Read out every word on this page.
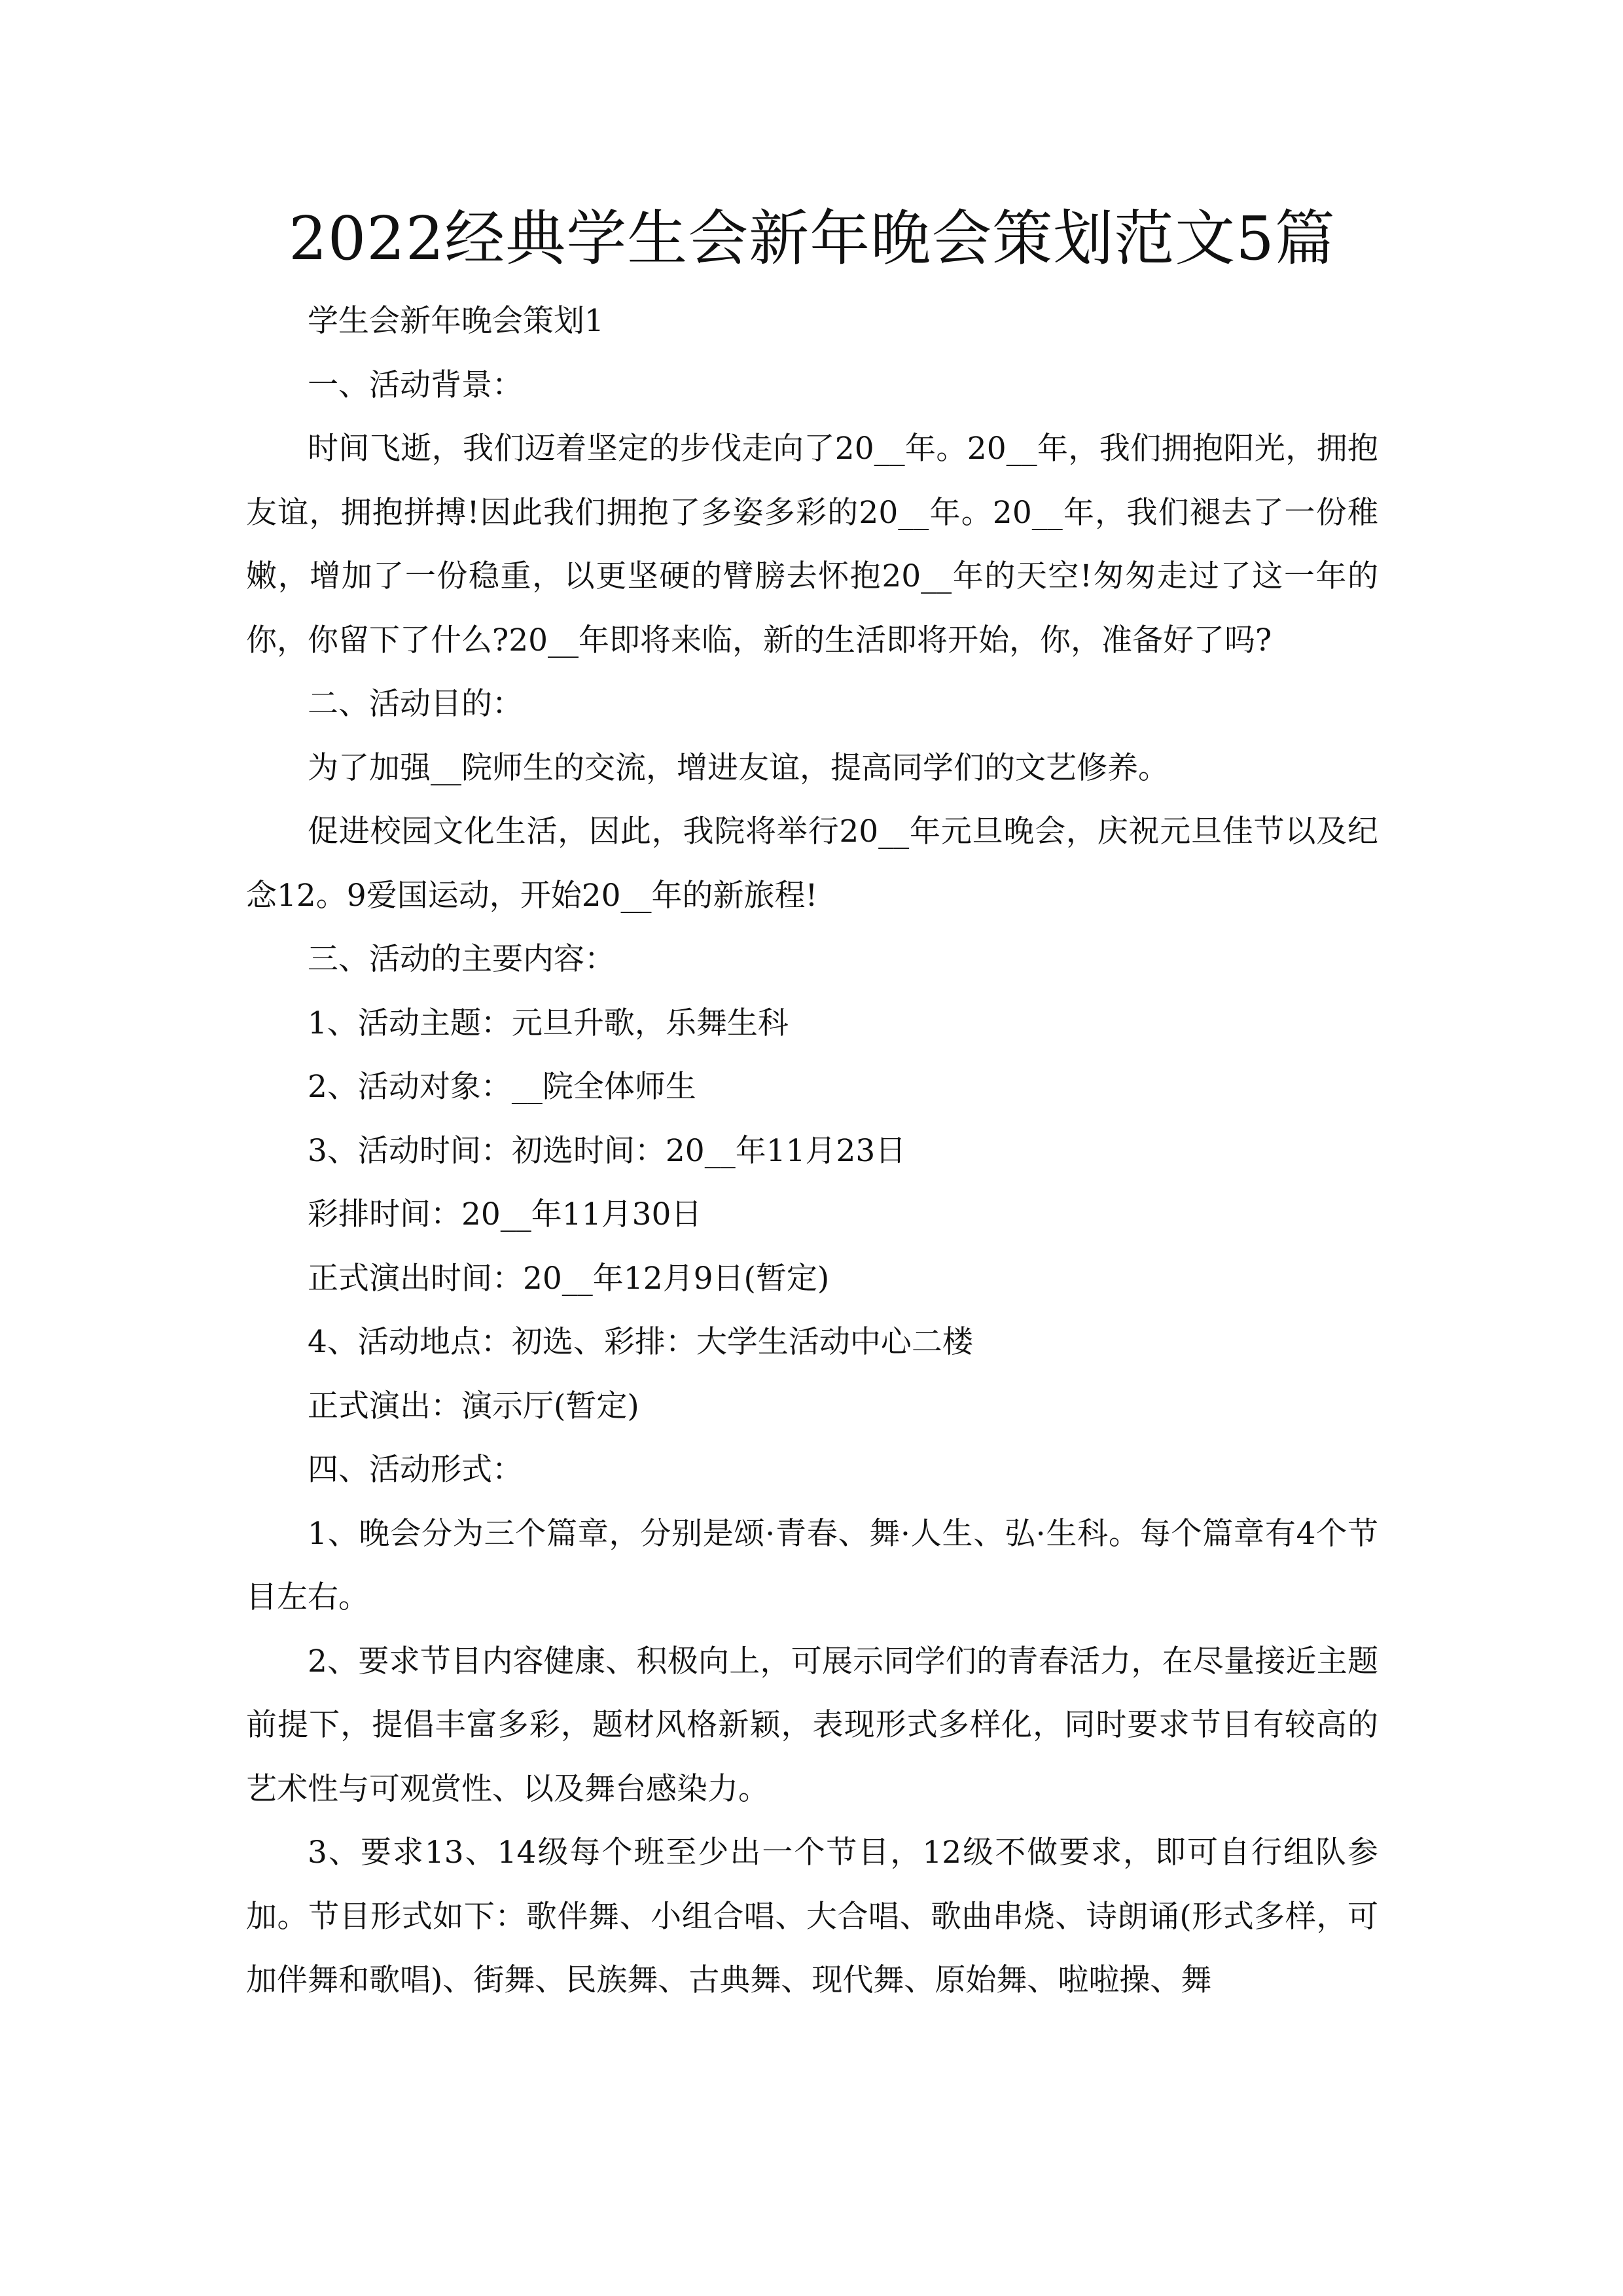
2022经典学生会新年晚会策划范文5篇

学生会新年晚会策划1

一、活动背景：

时间飞逝，我们迈着坚定的步伐走向了20__年。20__年，我们拥抱阳光，拥抱友谊，拥抱拼搏!因此我们拥抱了多姿多彩的20__年。20__年，我们褪去了一份稚嫩，增加了一份稳重，以更坚硬的臂膀去怀抱20__年的天空!匆匆走过了这一年的你，你留下了什么?20__年即将来临，新的生活即将开始，你，准备好了吗?

二、活动目的：

为了加强__院师生的交流，增进友谊，提高同学们的文艺修养。

促进校园文化生活，因此，我院将举行20__年元旦晚会，庆祝元旦佳节以及纪念12。9爱国运动，开始20__年的新旅程!

三、活动的主要内容：

1、活动主题：元旦升歌，乐舞生科

2、活动对象：__院全体师生

3、活动时间：初选时间：20__年11月23日

彩排时间：20__年11月30日

正式演出时间：20__年12月9日(暂定)

4、活动地点：初选、彩排：大学生活动中心二楼

正式演出：演示厅(暂定)

四、活动形式：

1、晚会分为三个篇章，分别是颂·青春、舞·人生、弘·生科。每个篇章有4个节目左右。

2、要求节目内容健康、积极向上，可展示同学们的青春活力，在尽量接近主题前提下，提倡丰富多彩，题材风格新颖，表现形式多样化，同时要求节目有较高的艺术性与可观赏性、以及舞台感染力。

3、要求13、14级每个班至少出一个节目，12级不做要求，即可自行组队参加。节目形式如下：歌伴舞、小组合唱、大合唱、歌曲串烧、诗朗诵(形式多样，可加伴舞和歌唱)、街舞、民族舞、古典舞、现代舞、原始舞、啦啦操、舞
